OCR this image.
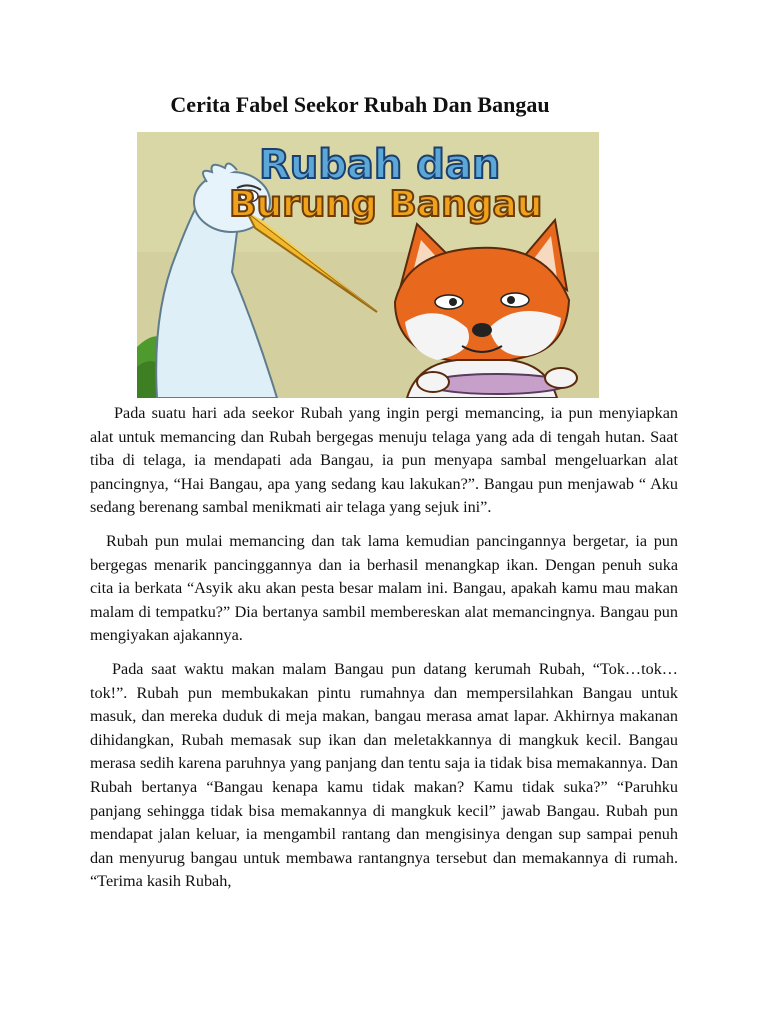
Cerita Fabel Seekor Rubah Dan Bangau
Rubah dan
Burung Bangau

Pada suatu hari ada seekor Rubah yang ingin pergi memancing, ia pun menyiapkan alat untuk memancing dan Rubah bergegas menuju telaga yang ada di tengah hutan. Saat tiba di telaga, ia mendapati ada Bangau, ia pun menyapa sambal mengeluarkan alat pancingnya, “Hai Bangau, apa yang sedang kau lakukan?”. Bangau pun menjawab “ Aku sedang berenang sambal menikmati air telaga yang sejuk ini”.

Rubah pun mulai memancing dan tak lama kemudian pancingannya bergetar, ia pun bergegas menarik pancinggannya dan ia berhasil menangkap ikan. Dengan penuh suka cita ia berkata “Asyik aku akan pesta besar malam ini. Bangau, apakah kamu mau makan malam di tempatku?” Dia bertanya sambil membereskan alat memancingnya. Bangau pun mengiyakan ajakannya.

Pada saat waktu makan malam Bangau pun datang kerumah Rubah, “Tok…tok…tok!”. Rubah pun membukakan pintu rumahnya dan mempersilahkan Bangau untuk masuk, dan mereka duduk di meja makan, bangau merasa amat lapar. Akhirnya makanan dihidangkan, Rubah memasak sup ikan dan meletakkannya di mangkuk kecil. Bangau merasa sedih karena paruhnya yang panjang dan tentu saja ia tidak bisa memakannya. Dan Rubah bertanya “Bangau kenapa kamu tidak makan? Kamu tidak suka?” “Paruhku panjang sehingga tidak bisa memakannya di mangkuk kecil” jawab Bangau. Rubah pun mendapat jalan keluar, ia mengambil rantang dan mengisinya dengan sup sampai penuh dan menyurug bangau untuk membawa rantangnya tersebut dan memakannya di rumah. “Terima kasih Rubah,
